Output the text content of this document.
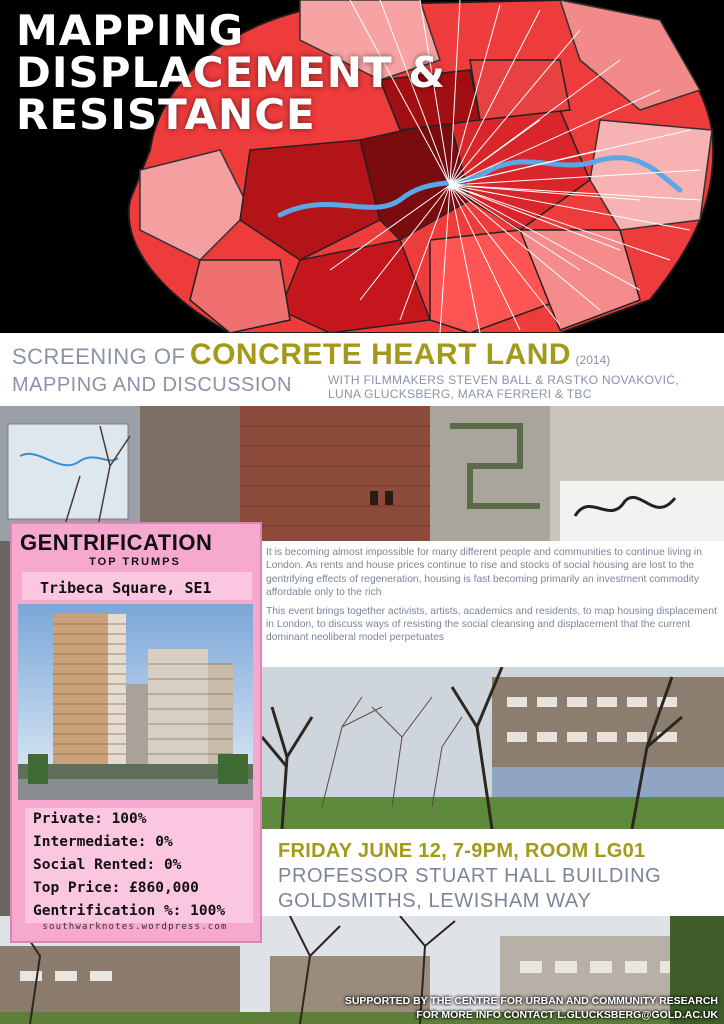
MAPPING
DISPLACEMENT &
RESISTANCE
SCREENING OF CONCRETE HEART LAND (2014)
MAPPING AND DISCUSSION	WITH FILMMAKERS STEVEN BALL & RASTKO NOVAKOVIĆ,
LUNA GLUCKSBERG, MARA FERRERI & TBC

It is becoming almost impossible for many different people and communities to continue living in London. As rents and house prices continue to rise and stocks of social housing are lost to the gentrifying effects of regeneration, housing is fast becoming primarily an investment commodity affordable only to the rich

This event brings together activists, artists, academics and residents, to map housing displacement in London, to discuss ways of resisting the social cleansing and displacement that the current dominant neoliberal model perpetuates

FRIDAY JUNE 12, 7-9PM, ROOM LG01
PROFESSOR STUART HALL BUILDING
GOLDSMITHS, LEWISHAM WAY
GENTRIFICATION
TOP TRUMPS
Tribeca Square, SE1
Private: 100%
Intermediate: 0%
Social Rented: 0%
Top Price: £860,000
Gentrification %: 100%
southwarknotes.wordpress.com
SUPPORTED BY THE CENTRE FOR URBAN AND COMMUNITY RESEARCH
FOR MORE INFO CONTACT L.GLUCKSBERG@GOLD.AC.UK
